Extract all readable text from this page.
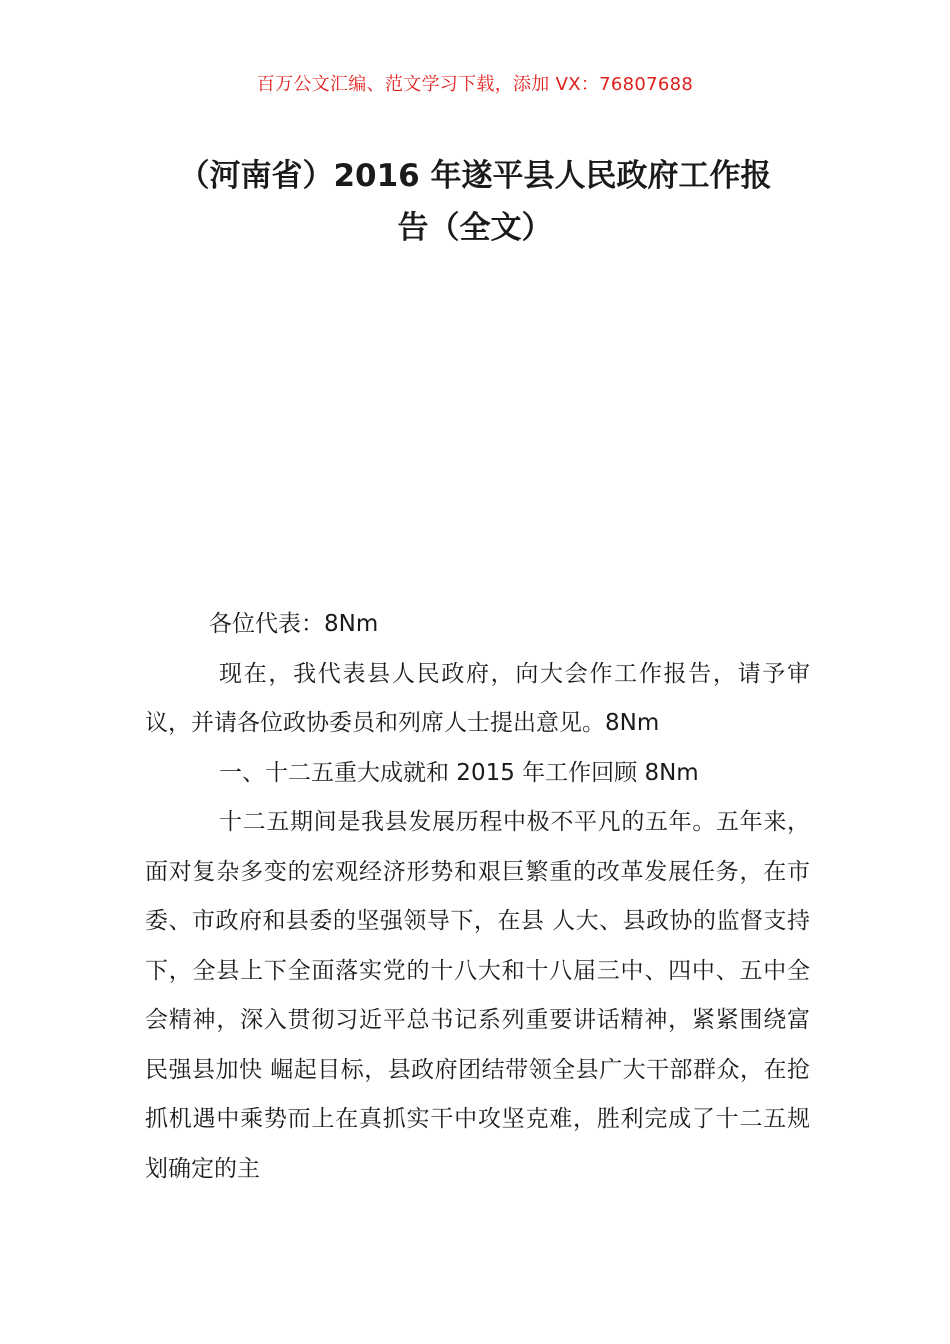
百万公文汇编、范文学习下载，添加 VX：76807688
（河南省）2016 年遂平县人民政府工作报
告（全文）

各位代表：8Nm

现在，我代表县人民政府，向大会作工作报告，请予审议，并请各位政协委员和列席人士提出意见。8Nm

一、十二五重大成就和 2015 年工作回顾 8Nm

十二五期间是我县发展历程中极不平凡的五年。五年来，面对复杂多变的宏观经济形势和艰巨繁重的改革发展任务，在市委、市政府和县委的坚强领导下，在县 人大、县政协的监督支持下，全县上下全面落实党的十八大和十八届三中、四中、五中全会精神，深入贯彻习近平总书记系列重要讲话精神，紧紧围绕富民强县加快 崛起目标，县政府团结带领全县广大干部群众，在抢抓机遇中乘势而上在真抓实干中攻坚克难，胜利完成了十二五规划确定的主
